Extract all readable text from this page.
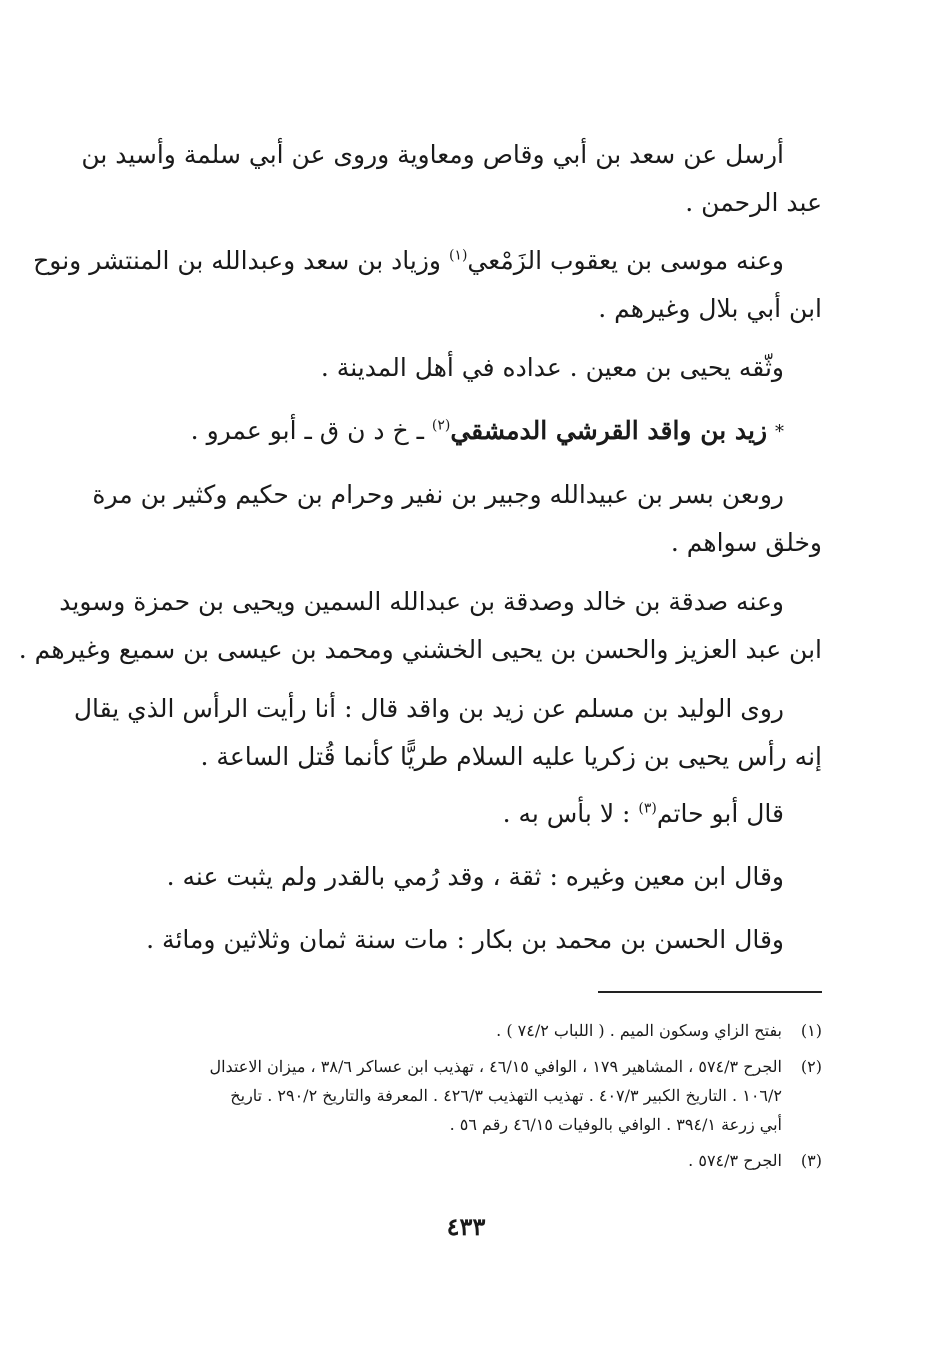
أرسل عن سعد بن أبي وقاص ومعاوية وروى عن أبي سلمة وأسيد بن
عبد الرحمن .
وعنه موسى بن يعقوب الزَمْعي$^{(١)}$ وزياد بن سعد وعبدالله بن المنتشر ونوح
ابن أبي بلال وغيرهم .
وثّقه يحيى بن معين . عداده في أهل المدينة .
* زيد بن واقد القرشي الدمشقي$^{(٢)}$ ـ خ د ن ق ـ أبو عمرو .
روىعن بسر بن عبيدالله وجبير بن نفير وحرام بن حكيم وكثير بن مرة
وخلق سواهم .
وعنه صدقة بن خالد وصدقة بن عبدالله السمين ويحيى بن حمزة وسويد
ابن عبد العزيز والحسن بن يحيى الخشني ومحمد بن عيسى بن سميع وغيرهم .
روى الوليد بن مسلم عن زيد بن واقد قال : أنا رأيت الرأس الذي يقال
إنه رأس يحيى بن زكريا عليه السلام طريًّا كأنما قُتل الساعة .
قال أبو حاتم$^{(٣)}$ : لا بأس به .
وقال ابن معين وغيره : ثقة ، وقد رُمي بالقدر ولم يثبت عنه .
وقال الحسن بن محمد بن بكار : مات سنة ثمان وثلاثين ومائة .
(١)
بفتح الزاي وسكون الميم . ( اللباب ٧٤/٢ ) .
(٢)
الجرح ٥٧٤/٣ ، المشاهير ١٧٩ ، الوافي ٤٦/١٥ ، تهذيب ابن عساكر ٣٨/٦ ، ميزان الاعتدال
١٠٦/٢ . التاريخ الكبير ٤٠٧/٣ . تهذيب التهذيب ٤٢٦/٣ . المعرفة والتاريخ ٢٩٠/٢ . تاريخ
أبي زرعة ٣٩٤/١ . الوافي بالوفيات ٤٦/١٥ رقم ٥٦ .
(٣)
الجرح ٥٧٤/٣ .
٤٣٣
